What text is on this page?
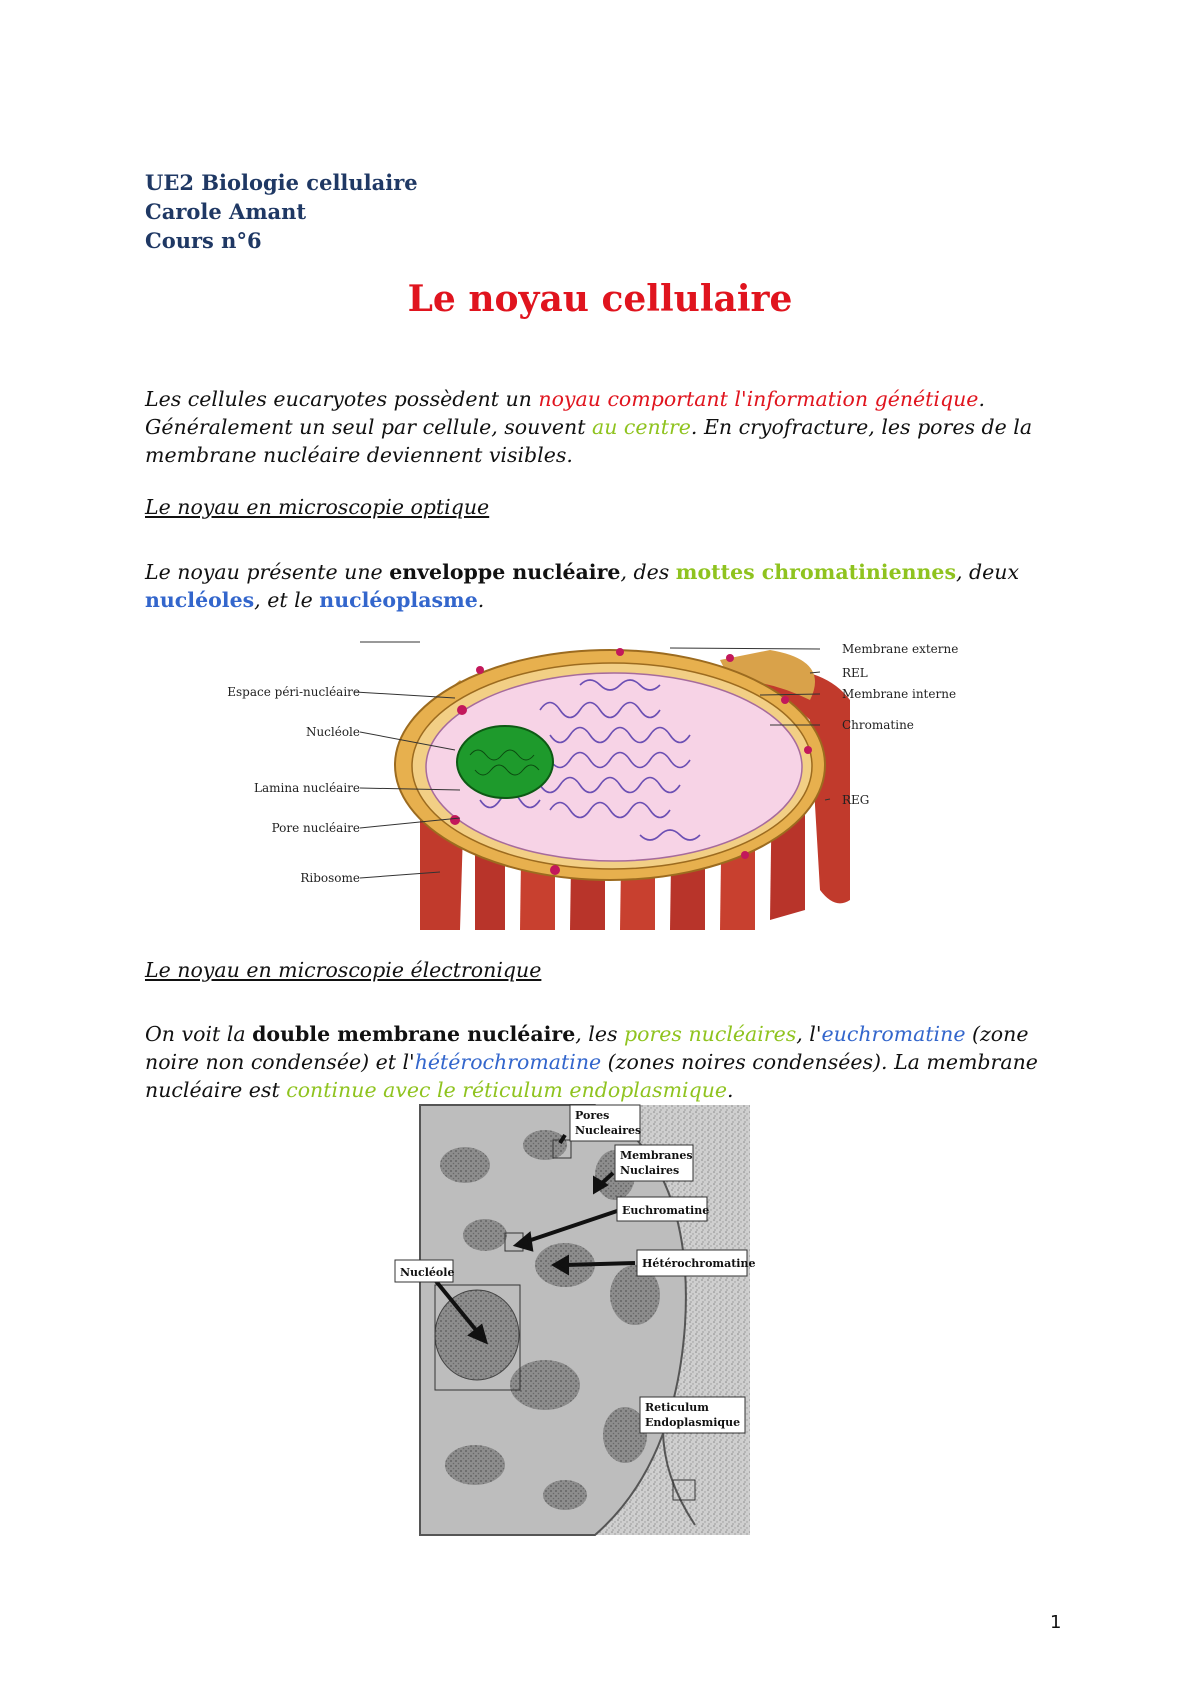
UE2 Biologie cellulaire
Carole Amant
Cours n°6
Le noyau cellulaire
Les cellules eucaryotes possèdent un noyau comportant l'information génétique. Généralement un seul par cellule, souvent au centre. En cryofracture, les pores de la membrane nucléaire deviennent visibles.
Le noyau en microscopie optique
Le noyau présente une enveloppe nucléaire, des mottes chromatiniennes, deux nucléoles, et le nucléoplasme.
Espace péri-nucléaire
Nucléole
Lamina nucléaire
Pore nucléaire
Ribosome
Membrane externe
REL
Membrane interne
Chromatine
REG
Le noyau en microscopie électronique
On voit la double membrane nucléaire, les pores nucléaires, l'euchromatine (zone noire non condensée) et l'hétérochromatine (zones noires condensées). La membrane nucléaire est continue avec le réticulum endoplasmique.
Pores
Nucleaires
Membranes
Nuclaires
Euchromatine
Hétérochromatine
Nucléole
Reticulum
Endoplasmique
1
